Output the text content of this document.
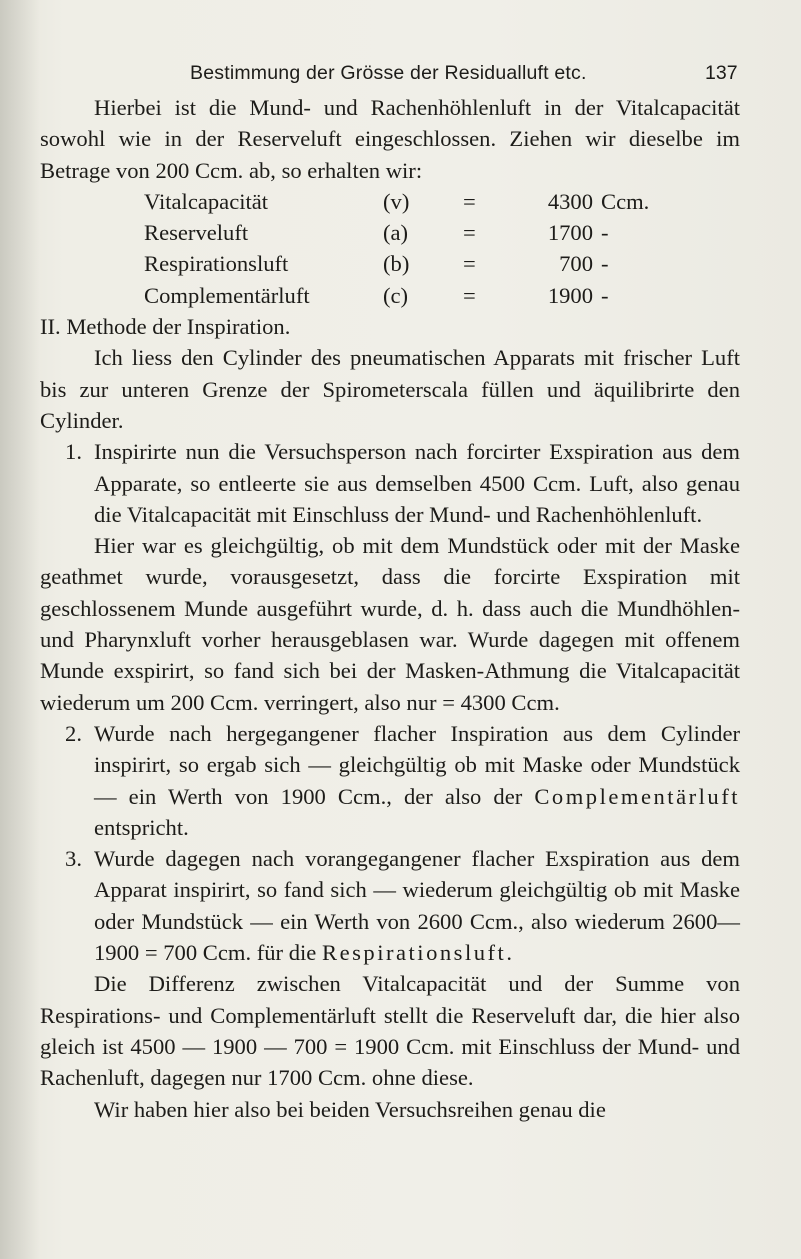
Bestimmung der Grösse der Residualluft etc.	137

Hierbei ist die Mund- und Rachenhöhlenluft in der Vitalcapacität sowohl wie in der Reserveluft eingeschlossen. Ziehen wir dieselbe im Betrage von 200 Ccm. ab, so erhalten wir:

Vitalcapacität	(v)	=	4300 Ccm.
Reserveluft	(a)	=	1700 -
Respirationsluft	(b)	=	700 -
Complementärluft	(c)	=	1900 -

II. Methode der Inspiration.

Ich liess den Cylinder des pneumatischen Apparats mit frischer Luft bis zur unteren Grenze der Spirometerscala füllen und äquilibrirte den Cylinder.

1. Inspirirte nun die Versuchsperson nach forcirter Exspiration aus dem Apparate, so entleerte sie aus demselben 4500 Ccm. Luft, also genau die Vitalcapacität mit Einschluss der Mund- und Rachenhöhlenluft.

Hier war es gleichgültig, ob mit dem Mundstück oder mit der Maske geathmet wurde, vorausgesetzt, dass die forcirte Exspiration mit geschlossenem Munde ausgeführt wurde, d. h. dass auch die Mundhöhlen- und Pharynxluft vorher herausgeblasen war. Wurde dagegen mit offenem Munde exspirirt, so fand sich bei der Masken-Athmung die Vitalcapacität wiederum um 200 Ccm. verringert, also nur = 4300 Ccm.

2. Wurde nach hergegangener flacher Inspiration aus dem Cylinder inspirirt, so ergab sich — gleichgültig ob mit Maske oder Mundstück — ein Werth von 1900 Ccm., der also der Complementärluft entspricht.
3. Wurde dagegen nach vorangegangener flacher Exspiration aus dem Apparat inspirirt, so fand sich — wiederum gleichgültig ob mit Maske oder Mundstück — ein Werth von 2600 Ccm., also wiederum 2600—1900 = 700 Ccm. für die Respirationsluft.

Die Differenz zwischen Vitalcapacität und der Summe von Respirations- und Complementärluft stellt die Reserveluft dar, die hier also gleich ist 4500 — 1900 — 700 = 1900 Ccm. mit Einschluss der Mund- und Rachenluft, dagegen nur 1700 Ccm. ohne diese.

Wir haben hier also bei beiden Versuchsreihen genau die
